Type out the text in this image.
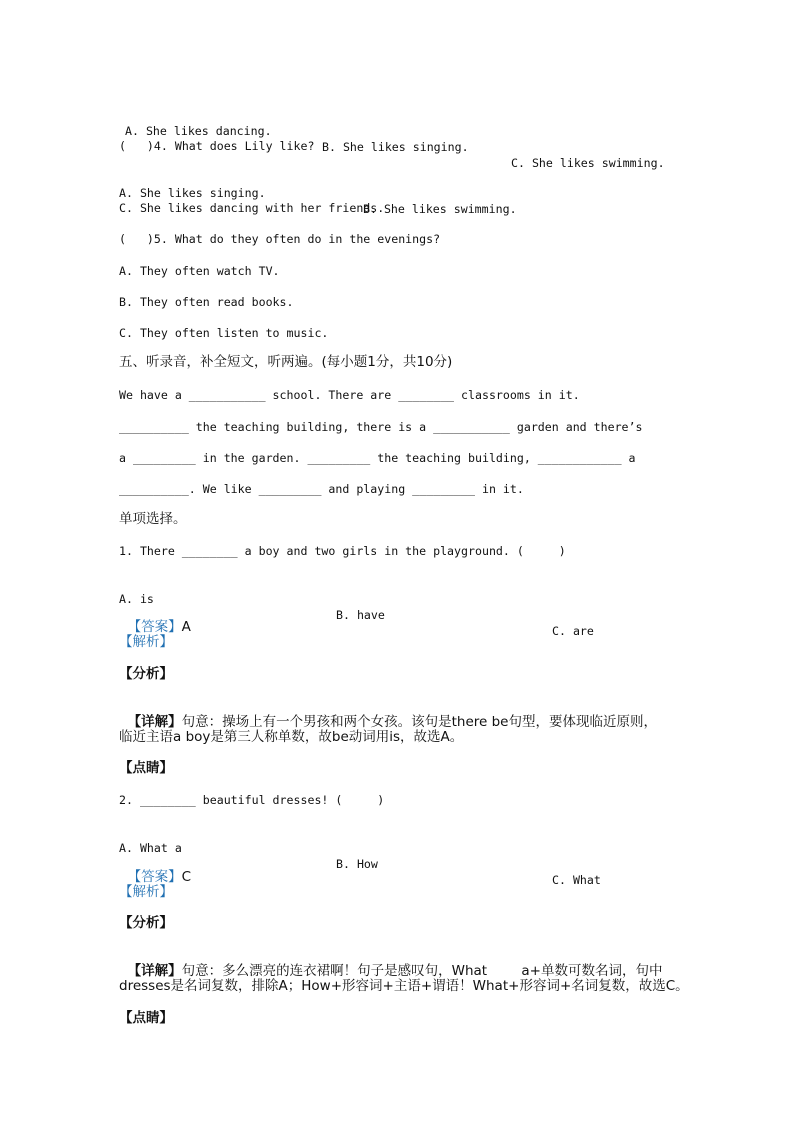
A. She likes dancing.

B. She likes singing.

C. She likes swimming.

(   )4. What does Lily like?

A. She likes singing.

B. She likes swimming.

C. She likes dancing with her friends.
(   )5. What do they often do in the evenings?
A. They often watch TV.
B. They often read books.
C. They often listen to music.
五、听录音，补全短文，听两遍。(每小题1分，共10分)
We have a ___________ school. There are ________ classrooms in it.
__________ the teaching building, there is a ___________ garden and there’s
a _________ in the garden. _________ the teaching building, ____________ a
__________. We like _________ and playing _________ in it.
单项选择。
1. There ________ a boy and two girls in the playground. (     )

A. is

B. have

C. are

【答案】A

【解析】
【分析】

【详解】句意：操场上有一个男孩和两个女孩。该句是there be句型，要体现临近原则，

临近主语a boy是第三人称单数，故be动词用is，故选A。
【点睛】
2. ________ beautiful dresses! (     )

A. What a

B. How

C. What

【答案】C

【解析】
【分析】

【详解】句意：多么漂亮的连衣裙啊！句子是感叹句，What        a+单数可数名词，句中

dresses是名词复数，排除A；How+形容词+主语+谓语！What+形容词+名词复数，故选C。
【点睛】
